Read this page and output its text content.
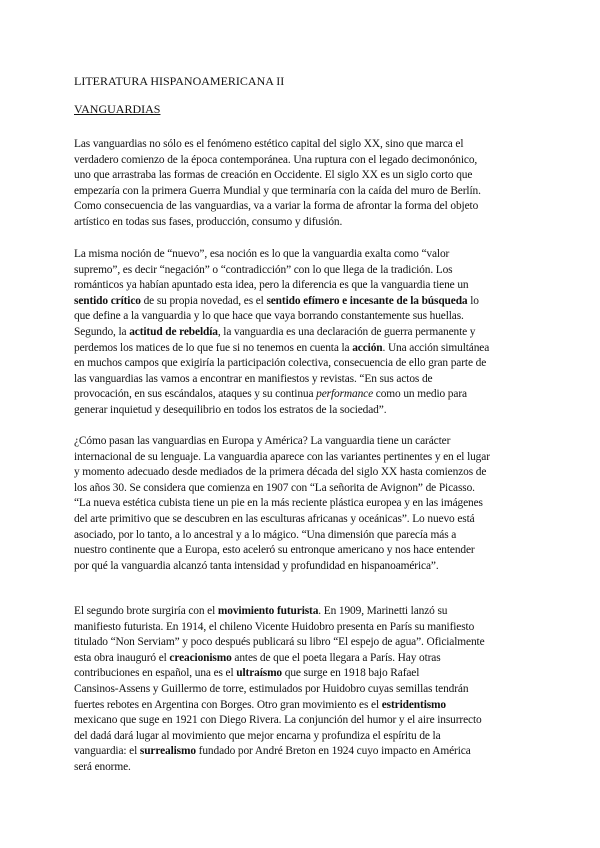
LITERATURA HISPANOAMERICANA II
VANGUARDIAS
Las vanguardias no sólo es el fenómeno estético capital del siglo XX, sino que marca el
verdadero comienzo de la época contemporánea. Una ruptura con el legado decimonónico,
uno que arrastraba las formas de creación en Occidente. El siglo XX es un siglo corto que
empezaría con la primera Guerra Mundial y que terminaría con la caída del muro de Berlín.
Como consecuencia de las vanguardias, va a variar la forma de afrontar la forma del objeto
artístico en todas sus fases, producción, consumo y difusión.
La misma noción de “nuevo”, esa noción es lo que la vanguardia exalta como “valor
supremo”, es decir “negación” o “contradicción” con lo que llega de la tradición. Los
románticos ya habían apuntado esta idea, pero la diferencia es que la vanguardia tiene un
sentido crítico de su propia novedad, es el sentido efímero e incesante de la búsqueda lo
que define a la vanguardia y lo que hace que vaya borrando constantemente sus huellas.
Segundo, la actitud de rebeldía, la vanguardia es una declaración de guerra permanente y
perdemos los matices de lo que fue si no tenemos en cuenta la acción. Una acción simultánea
en muchos campos que exigiría la participación colectiva, consecuencia de ello gran parte de
las vanguardias las vamos a encontrar en manifiestos y revistas. “En sus actos de
provocación, en sus escándalos, ataques y su continua performance como un medio para
generar inquietud y desequilibrio en todos los estratos de la sociedad”.
¿Cómo pasan las vanguardias en Europa y América? La vanguardia tiene un carácter
internacional de su lenguaje. La vanguardia aparece con las variantes pertinentes y en el lugar
y momento adecuado desde mediados de la primera década del siglo XX hasta comienzos de
los años 30. Se considera que comienza en 1907 con “La señorita de Avignon” de Picasso.
“La nueva estética cubista tiene un pie en la más reciente plástica europea y en las imágenes
del arte primitivo que se descubren en las esculturas africanas y oceánicas”. Lo nuevo está
asociado, por lo tanto, a lo ancestral y a lo mágico. “Una dimensión que parecía más a
nuestro continente que a Europa, esto aceleró su entronque americano y nos hace entender
por qué la vanguardia alcanzó tanta intensidad y profundidad en hispanoamérica”.
El segundo brote surgiría con el movimiento futurista. En 1909, Marinetti lanzó su
manifiesto futurista. En 1914, el chileno Vicente Huidobro presenta en París su manifiesto
titulado “Non Serviam” y poco después publicará su libro “El espejo de agua”. Oficialmente
esta obra inauguró el creacionismo antes de que el poeta llegara a París. Hay otras
contribuciones en español, una es el ultraísmo que surge en 1918 bajo Rafael
Cansinos-Assens y Guillermo de torre, estimulados por Huidobro cuyas semillas tendrán
fuertes rebotes en Argentina con Borges. Otro gran movimiento es el estridentismo
mexicano que suge en 1921 con Diego Rivera. La conjunción del humor y el aire insurrecto
del dadá dará lugar al movimiento que mejor encarna y profundiza el espíritu de la
vanguardia: el surrealismo fundado por André Breton en 1924 cuyo impacto en América
será enorme.
